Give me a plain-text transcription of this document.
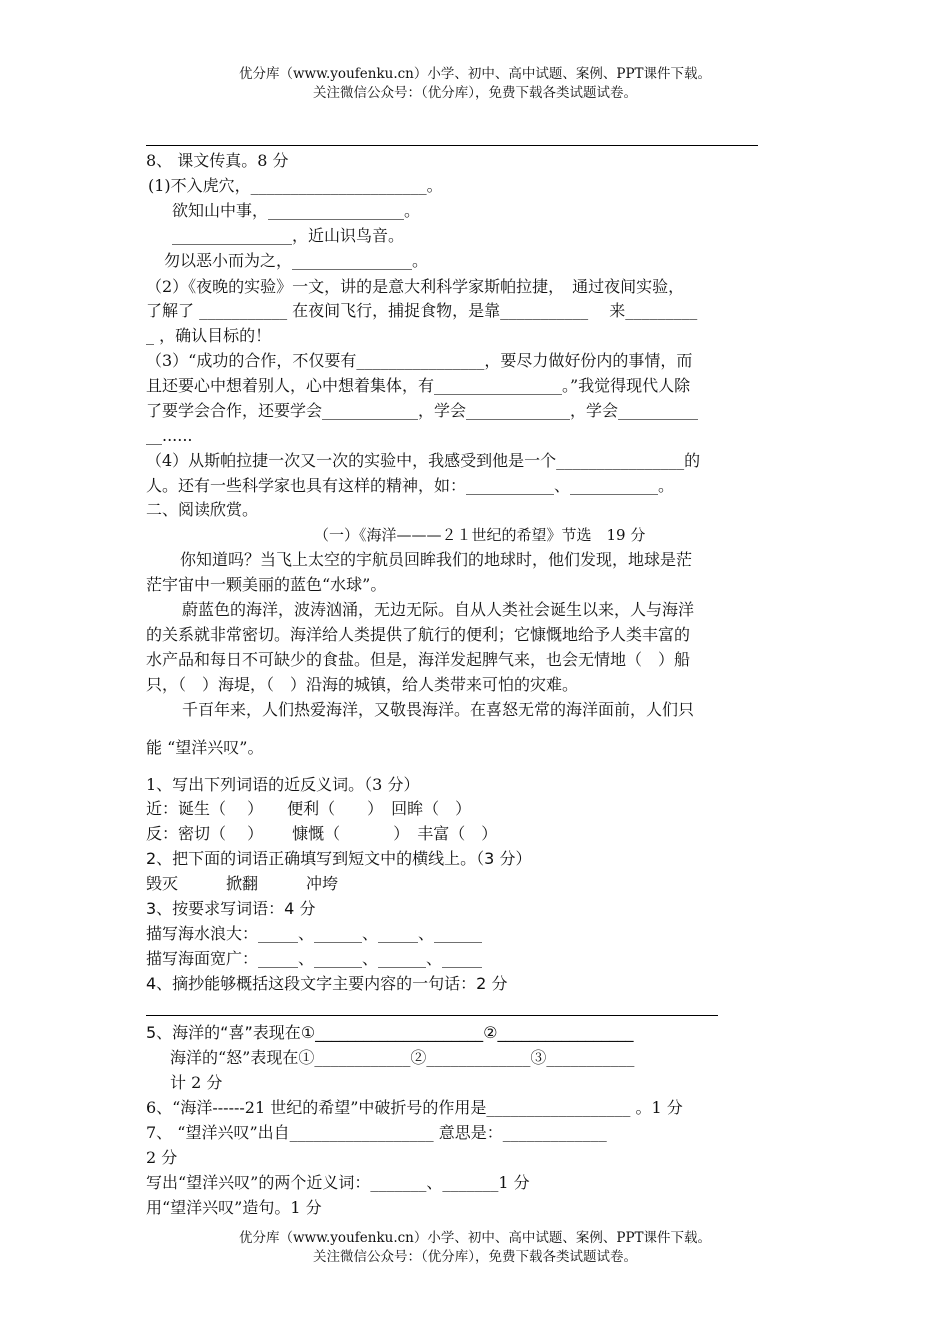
优分库（www.youfenku.cn）小学、初中、高中试题、案例、PPT课件下载。
关注微信公众号：（优分库），免费下载各类试题试卷。
8、 课文传真。8 分
(1)不入虎穴，______________________。
欲知山中事，_________________。
_______________，近山识鸟音。
勿以恶小而为之，_______________。
（2）《夜晚的实验》一文，讲的是意大利科学家斯帕拉捷，　通过夜间实验，
了解了 ___________ 在夜间飞行，捕捉食物，是靠___________　 来_________
_ ，确认目标的！
（3）“成功的合作，不仅要有________________，要尽力做好份内的事情，而
且还要心中想着别人，心中想着集体，有________________。”我觉得现代人除
了要学会合作，还要学会____________，学会_____________，学会__________
__......
（4）从斯帕拉捷一次又一次的实验中，我感受到他是一个________________的
人。还有一些科学家也具有这样的精神，如：___________、___________。
二、阅读欣赏。
（一）《海洋———２１世纪的希望》节选　19 分
你知道吗？当飞上太空的宇航员回眸我们的地球时，他们发现，地球是茫
茫宇宙中一颗美丽的蓝色“水球”。
蔚蓝色的海洋，波涛汹涌，无边无际。自从人类社会诞生以来，人与海洋
的关系就非常密切。海洋给人类提供了航行的便利；它慷慨地给予人类丰富的
水产品和每日不可缺少的食盐。但是，海洋发起脾气来，也会无情地（　）船
只，（　）海堤，（　）沿海的城镇，给人类带来可怕的灾难。
千百年来，人们热爱海洋，又敬畏海洋。在喜怒无常的海洋面前，人们只
能 “望洋兴叹”。
1、写出下列词语的近反义词。（3 分）
近：诞生（　 ）　　便利（　　）　回眸（　）
反：密切（　 ）　　 慷慨（　　　 ）　丰富（　）
2、把下面的词语正确填写到短文中的横线上。（3 分）
毁灭　　　掀翻　　　冲垮
3、按要求写词语：4 分
描写海水浪大：_____、______、_____、______
描写海面宽广：_____、______、______、_____
4、摘抄能够概括这段文字主要内容的一句话：2 分
5、海洋的“喜”表现在①_____________________②_________________
海洋的“怒”表现在①____________②_____________③___________
计 2 分
6、“海洋------21 世纪的希望”中破折号的作用是__________________ 。1 分
7、 “望洋兴叹”出自__________________ 意思是：_____________
2 分
写出“望洋兴叹”的两个近义词：_______、_______1 分
用“望洋兴叹”造句。1 分
优分库（www.youfenku.cn）小学、初中、高中试题、案例、PPT课件下载。
关注微信公众号：（优分库），免费下载各类试题试卷。
